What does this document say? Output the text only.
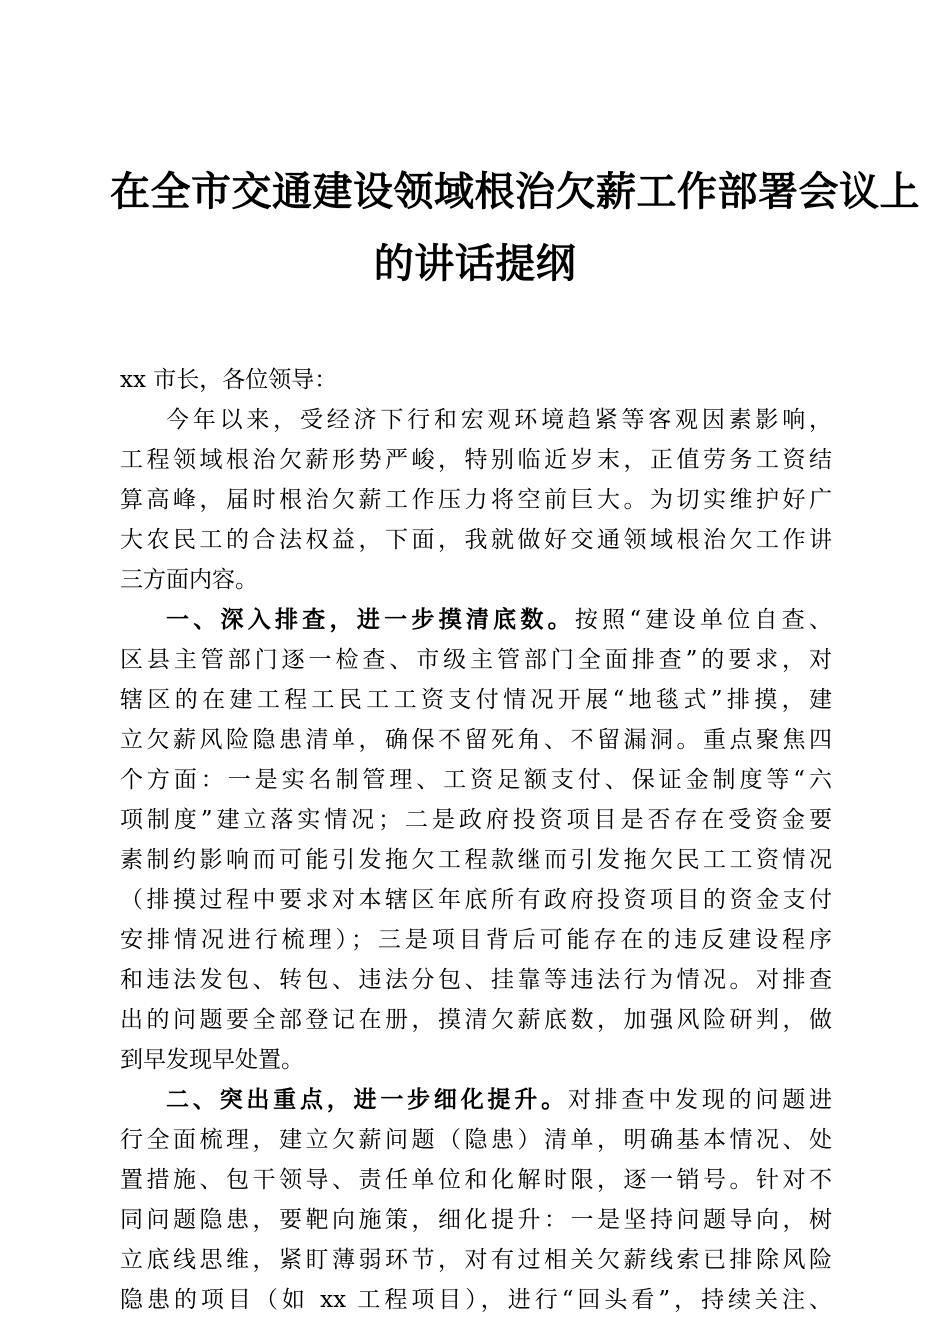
在全市交通建设领域根治欠薪工作部署会议上
的讲话提纲
xx 市长，各位领导：
今年以来，受经济下行和宏观环境趋紧等客观因素影响，
工程领域根治欠薪形势严峻，特别临近岁末，正值劳务工资结
算高峰，届时根治欠薪工作压力将空前巨大。为切实维护好广
大农民工的合法权益，下面，我就做好交通领域根治欠工作讲
三方面内容。
一、深入排查，进一步摸清底数。按照“建设单位自查、
区县主管部门逐一检查、市级主管部门全面排查”的要求，对
辖区的在建工程工民工工资支付情况开展“地毯式”排摸，建
立欠薪风险隐患清单，确保不留死角、不留漏洞。重点聚焦四
个方面：一是实名制管理、工资足额支付、保证金制度等“六
项制度”建立落实情况；二是政府投资项目是否存在受资金要
素制约影响而可能引发拖欠工程款继而引发拖欠民工工资情况
（排摸过程中要求对本辖区年底所有政府投资项目的资金支付
安排情况进行梳理）；三是项目背后可能存在的违反建设程序
和违法发包、转包、违法分包、挂靠等违法行为情况。对排查
出的问题要全部登记在册，摸清欠薪底数，加强风险研判，做
到早发现早处置。
二、突出重点，进一步细化提升。对排查中发现的问题进
行全面梳理，建立欠薪问题（隐患）清单，明确基本情况、处
置措施、包干领导、责任单位和化解时限，逐一销号。针对不
同问题隐患，要靶向施策，细化提升：一是坚持问题导向，树
立底线思维，紧盯薄弱环节，对有过相关欠薪线索已排除风险
隐患的项目（如 xx 工程项目），进行“回头看”，持续关注、
